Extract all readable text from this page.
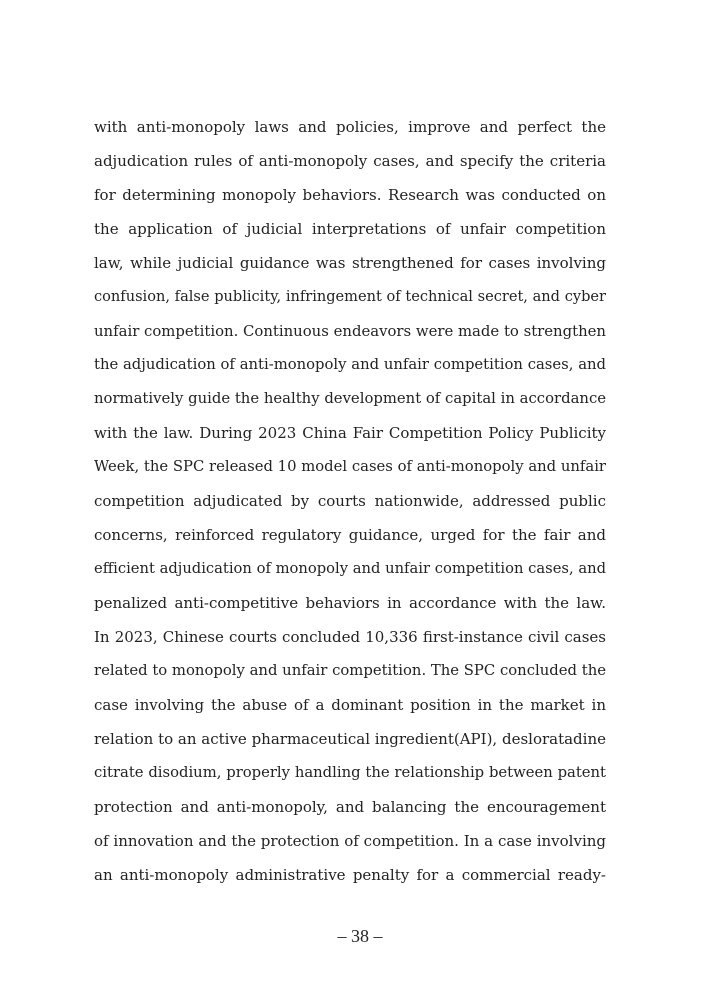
with anti-monopoly laws and policies, improve and perfect the
adjudication rules of anti-monopoly cases, and specify the criteria
for determining monopoly behaviors. Research was conducted on
the application of judicial interpretations of unfair competition
law, while judicial guidance was strengthened for cases involving
confusion, false publicity, infringement of technical secret, and cyber
unfair competition. Continuous endeavors were made to strengthen
the adjudication of anti-monopoly and unfair competition cases, and
normatively guide the healthy development of capital in accordance
with the law. During 2023 China Fair Competition Policy Publicity
Week, the SPC released 10 model cases of anti-monopoly and unfair
competition adjudicated by courts nationwide, addressed public
concerns, reinforced regulatory guidance, urged for the fair and
efficient adjudication of monopoly and unfair competition cases, and
penalized anti-competitive behaviors in accordance with the law.
In 2023, Chinese courts concluded 10,336 first-instance civil cases
related to monopoly and unfair competition. The SPC concluded the
case involving the abuse of a dominant position in the market in
relation to an active pharmaceutical ingredient(API), desloratadine
citrate disodium, properly handling the relationship between patent
protection and anti-monopoly, and balancing the encouragement
of innovation and the protection of competition. In a case involving
an anti-monopoly administrative penalty for a commercial ready-
– 38 –
